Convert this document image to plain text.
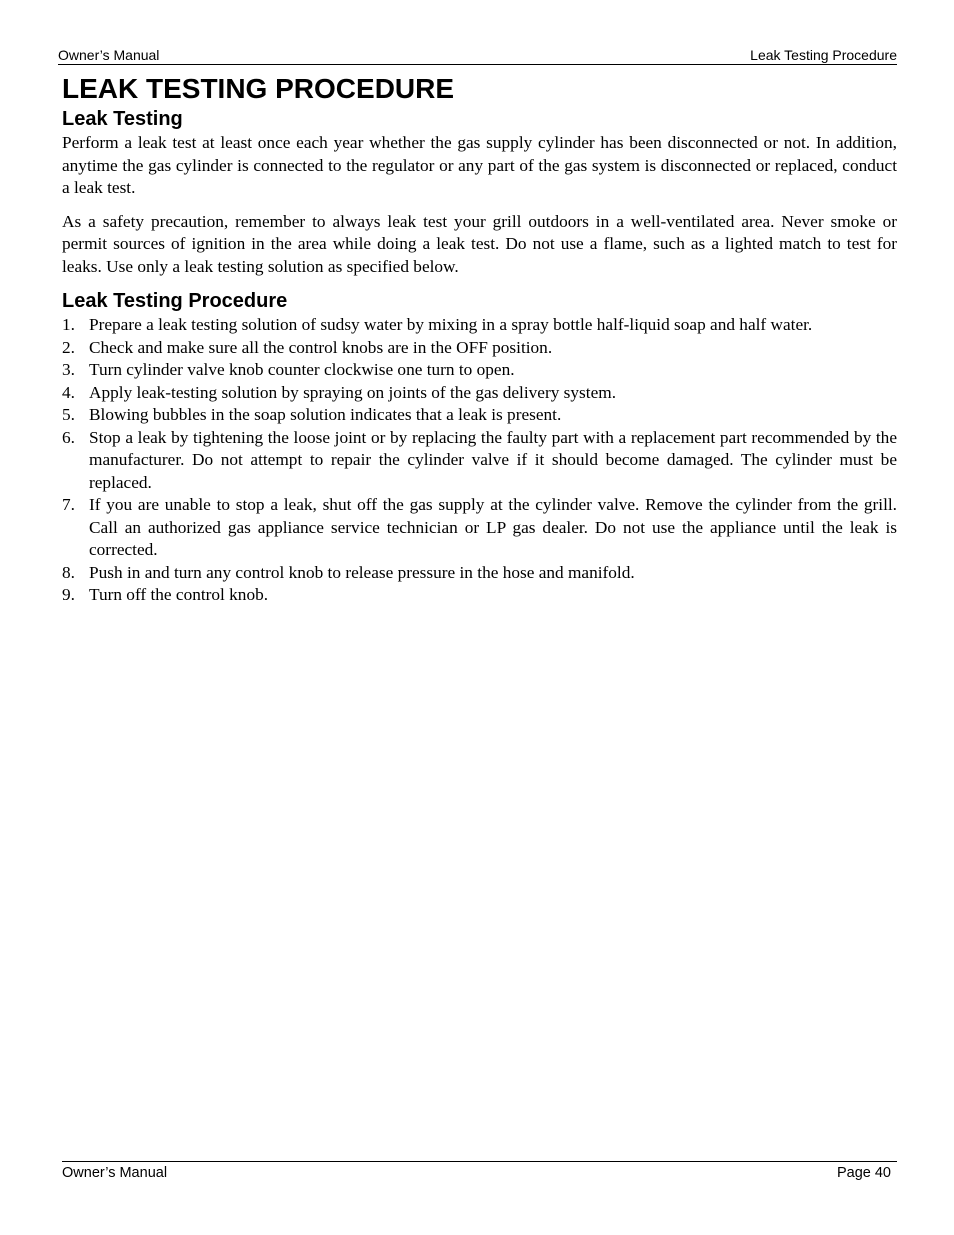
Owner’s Manual	Leak Testing Procedure
LEAK TESTING PROCEDURE
Leak Testing

Perform a leak test at least once each year whether the gas supply cylinder has been disconnected or not. In addition, anytime the gas cylinder is connected to the regulator or any part of the gas system is disconnected or replaced, conduct a leak test.

As a safety precaution, remember to always leak test your grill outdoors in a well-ventilated area. Never smoke or permit sources of ignition in the area while doing a leak test. Do not use a flame, such as a lighted match to test for leaks. Use only a leak testing solution as specified below.

Leak Testing Procedure
1. Prepare a leak testing solution of sudsy water by mixing in a spray bottle half-liquid soap and half water.
2. Check and make sure all the control knobs are in the OFF position.
3. Turn cylinder valve knob counter clockwise one turn to open.
4. Apply leak-testing solution by spraying on joints of the gas delivery system.
5. Blowing bubbles in the soap solution indicates that a leak is present.
6. Stop a leak by tightening the loose joint or by replacing the faulty part with a replacement part recommended by the manufacturer. Do not attempt to repair the cylinder valve if it should become damaged. The cylinder must be replaced.
7. If you are unable to stop a leak, shut off the gas supply at the cylinder valve. Remove the cylinder from the grill. Call an authorized gas appliance service technician or LP gas dealer. Do not use the appliance until the leak is corrected.
8. Push in and turn any control knob to release pressure in the hose and manifold.
9. Turn off the control knob.
Owner’s Manual	Page 40
